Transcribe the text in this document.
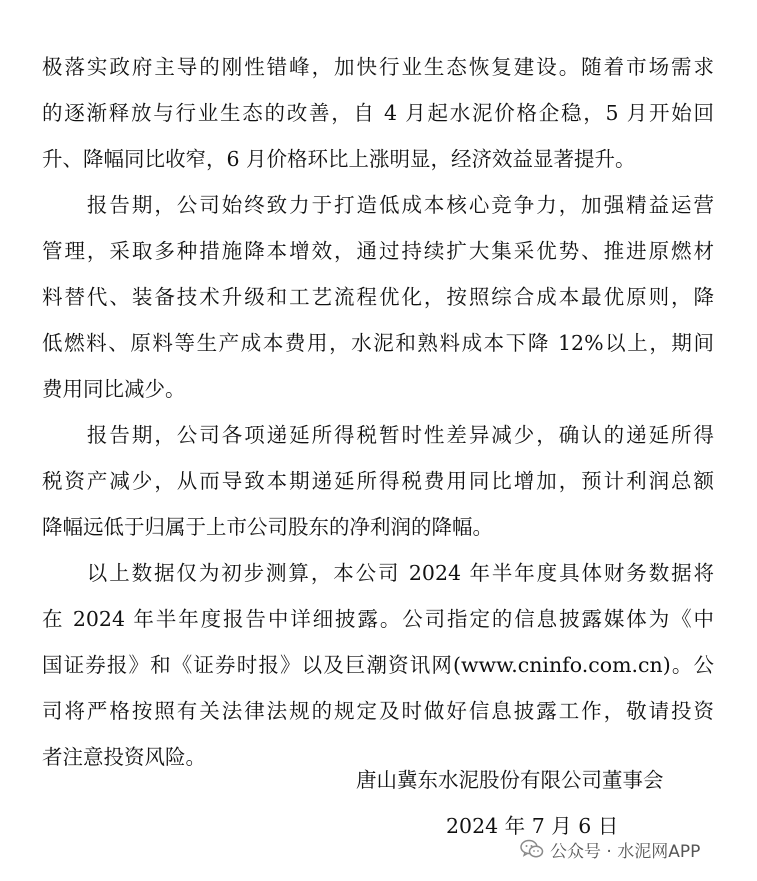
极落实政府主导的刚性错峰，加快行业生态恢复建设。随着市场需求
的逐渐释放与行业生态的改善，自 4 月起水泥价格企稳，5 月开始回
升、降幅同比收窄，6 月价格环比上涨明显，经济效益显著提升。
　　报告期，公司始终致力于打造低成本核心竞争力，加强精益运营
管理，采取多种措施降本增效，通过持续扩大集采优势、推进原燃材
料替代、装备技术升级和工艺流程优化，按照综合成本最优原则，降
低燃料、原料等生产成本费用，水泥和熟料成本下降 12%以上，期间
费用同比减少。
　　报告期，公司各项递延所得税暂时性差异减少，确认的递延所得
税资产减少，从而导致本期递延所得税费用同比增加，预计利润总额
降幅远低于归属于上市公司股东的净利润的降幅。
　　以上数据仅为初步测算，本公司 2024 年半年度具体财务数据将
在 2024 年半年度报告中详细披露。公司指定的信息披露媒体为《中
国证券报》和《证券时报》以及巨潮资讯网(www.cninfo.com.cn)。公
司将严格按照有关法律法规的规定及时做好信息披露工作，敬请投资
者注意投资风险。
唐山冀东水泥股份有限公司董事会
2024 年 7 月 6 日
公众号 · 水泥网APP
